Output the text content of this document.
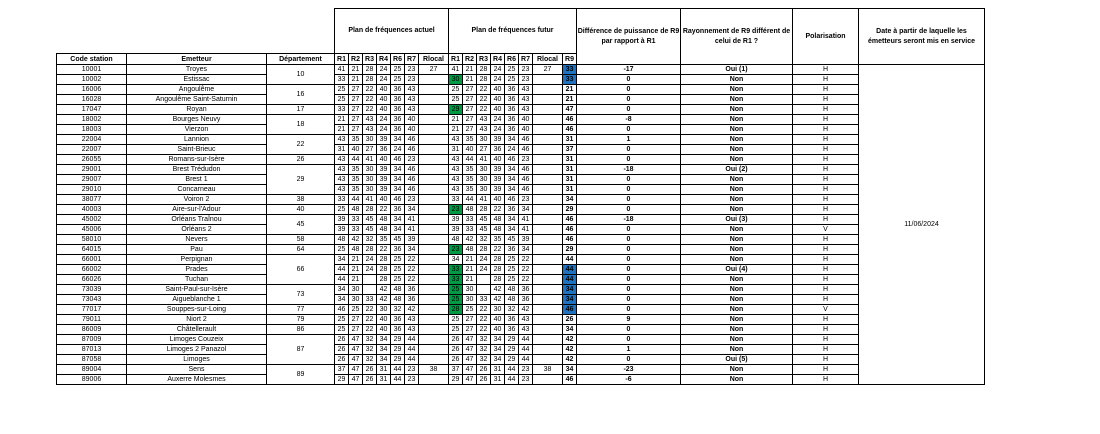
			Plan de fréquences actuel							Plan de fréquences futur								Différence de puissance de R9 par rapport à R1	Rayonnement de R9 différent de celui de R1 ?	Polarisation	Date à partir de laquelle les émetteurs seront mis en service
Code station	Emetteur	Département	R1	R2	R3	R4	R6	R7	Rlocal	R1	R2	R3	R4	R6	R7	Rlocal	R9				
10001	Troyes	10	41	21	28	24	25	23	27	41	21	28	24	25	23	27	33	-17	Oui (1)	H	11/06/2024
10002	Estissac		33	21	28	24	25	23		30	21	28	24	25	23		33	0	Non	H	
16006	Angoulême	16	25	27	22	40	36	43		25	27	22	40	36	43		21	0	Non	H	
16028	Angoulême Saint-Saturnin		25	27	22	40	36	43		25	27	22	40	36	43		21	0	Non	H	
17047	Royan	17	33	27	22	40	36	43		29	27	22	40	36	43		47	0	Non	H	
18002	Bourges Neuvy	18	21	27	43	24	36	40		21	27	43	24	36	40		46	-8	Non	H	
18003	Vierzon		21	27	43	24	36	40		21	27	43	24	36	40		46	0	Non	H	
22004	Lannion	22	43	35	30	39	34	46		43	35	30	39	34	46		31	1	Non	H	
22007	Saint-Brieuc		31	40	27	36	24	46		31	40	27	36	24	46		37	0	Non	H	
26055	Romans-sur-Isère	26	43	44	41	40	46	23		43	44	41	40	46	23		31	0	Non	H	
29001	Brest Trédudon	29	43	35	30	39	34	46		43	35	30	39	34	46		31	-18	Oui (2)	H	
29007	Brest 1		43	35	30	39	34	46		43	35	30	39	34	46		31	0	Non	H	
29010	Concarneau		43	35	30	39	34	46		43	35	30	39	34	46		31	0	Non	H	
38077	Voiron 2	38	33	44	41	40	46	23		33	44	41	40	46	23		34	0	Non	H	
40003	Aire-sur-l'Adour	40	25	48	28	22	36	34		23	48	28	22	36	34		29	0	Non	H	
45002	Orléans Traînou	45	39	33	45	48	34	41		39	33	45	48	34	41		46	-18	Oui (3)	H	
45006	Orléans 2		39	33	45	48	34	41		39	33	45	48	34	41		46	0	Non	V	
58010	Nevers	58	48	42	32	35	45	39		48	42	32	35	45	39		46	0	Non	H	
64015	Pau	64	25	48	28	22	36	34		23	48	28	22	36	34		29	0	Non	H	
66001	Perpignan	66	34	21	24	28	25	22		34	21	24	28	25	22		44	0	Non	H	
66002	Prades		44	21	24	28	25	22		33	21	24	28	25	22		44	0	Oui (4)	H	
66026	Tuchan		44	21		28	25	22		33	21		28	25	22		44	0	Non	H	
73039	Saint-Paul-sur-Isère	73	34	30		42	48	36		25	30		42	48	36		34	0	Non	H	
73043	Aigueblanche 1		34	30	33	42	48	36		25	30	33	42	48	36		34	0	Non	H	
77017	Souppes-sur-Loing	77	46	25	22	30	32	42		28	25	22	30	32	42		46	0	Non	V	
79011	Niort 2	79	25	27	22	40	36	43		25	27	22	40	36	43		26	9	Non	H	
86009	Châtellerault	86	25	27	22	40	36	43		25	27	22	40	36	43		34	0	Non	H	
87009	Limoges Couzeix	87	26	47	32	34	29	44		26	47	32	34	29	44		42	0	Non	H	
87013	Limoges 2 Panazol		26	47	32	34	29	44		26	47	32	34	29	44		42	1	Non	H	
87058	Limoges		26	47	32	34	29	44		26	47	32	34	29	44		42	0	Oui (5)	H	
89004	Sens	89	37	47	26	31	44	23	38	37	47	26	31	44	23	38	34	-23	Non	H	
89006	Auxerre Molesmes		29	47	26	31	44	23		29	47	26	31	44	23		46	-6	Non	H	
